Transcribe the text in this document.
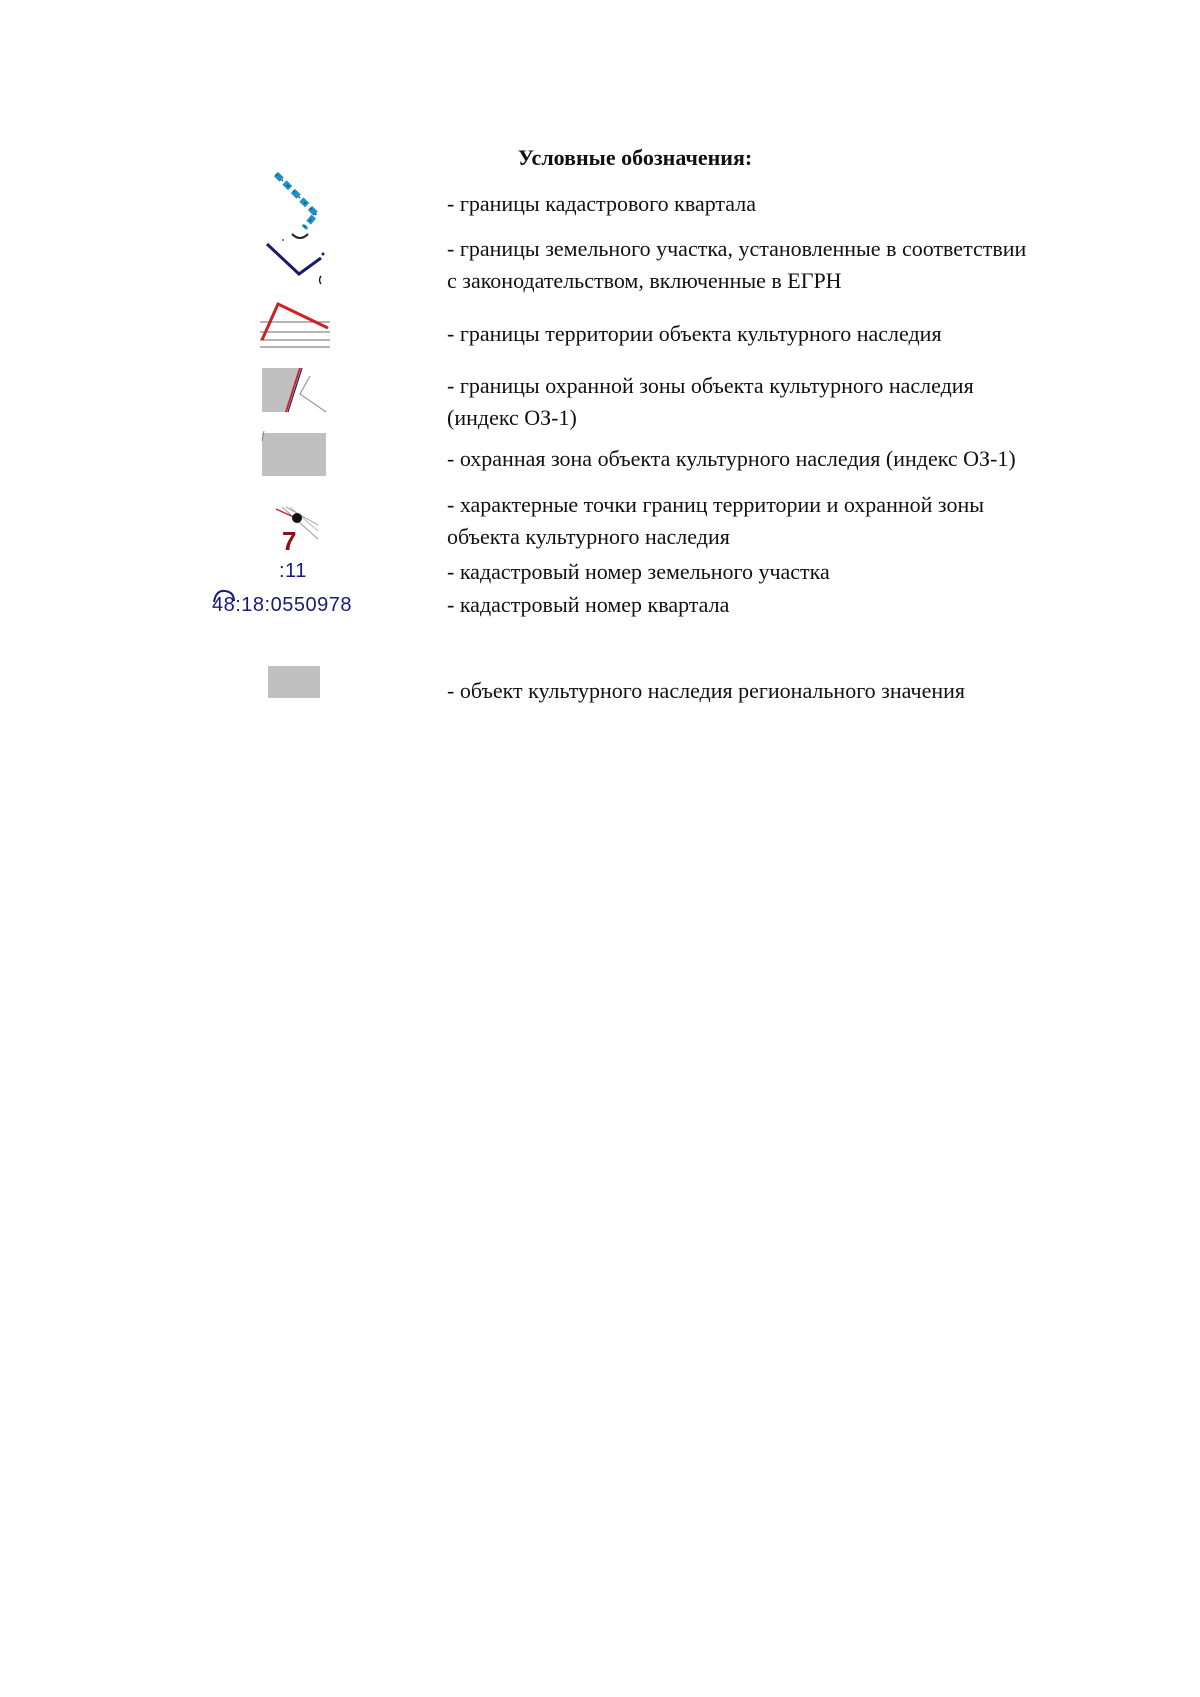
Условные обозначения:
- границы кадастрового квартала
- границы земельного участка, установленные в соответствии
с законодательством, включенные в ЕГРН
- границы территории объекта культурного наследия
- границы охранной зоны объекта культурного наследия
(индекс ОЗ-1)
- охранная зона объекта культурного наследия (индекс ОЗ-1)
7
- характерные точки границ территории и охранной зоны
объекта культурного наследия
:11	- кадастровый номер земельного участка
48:18:0550978	- кадастровый номер квартала
- объект культурного наследия регионального значения
